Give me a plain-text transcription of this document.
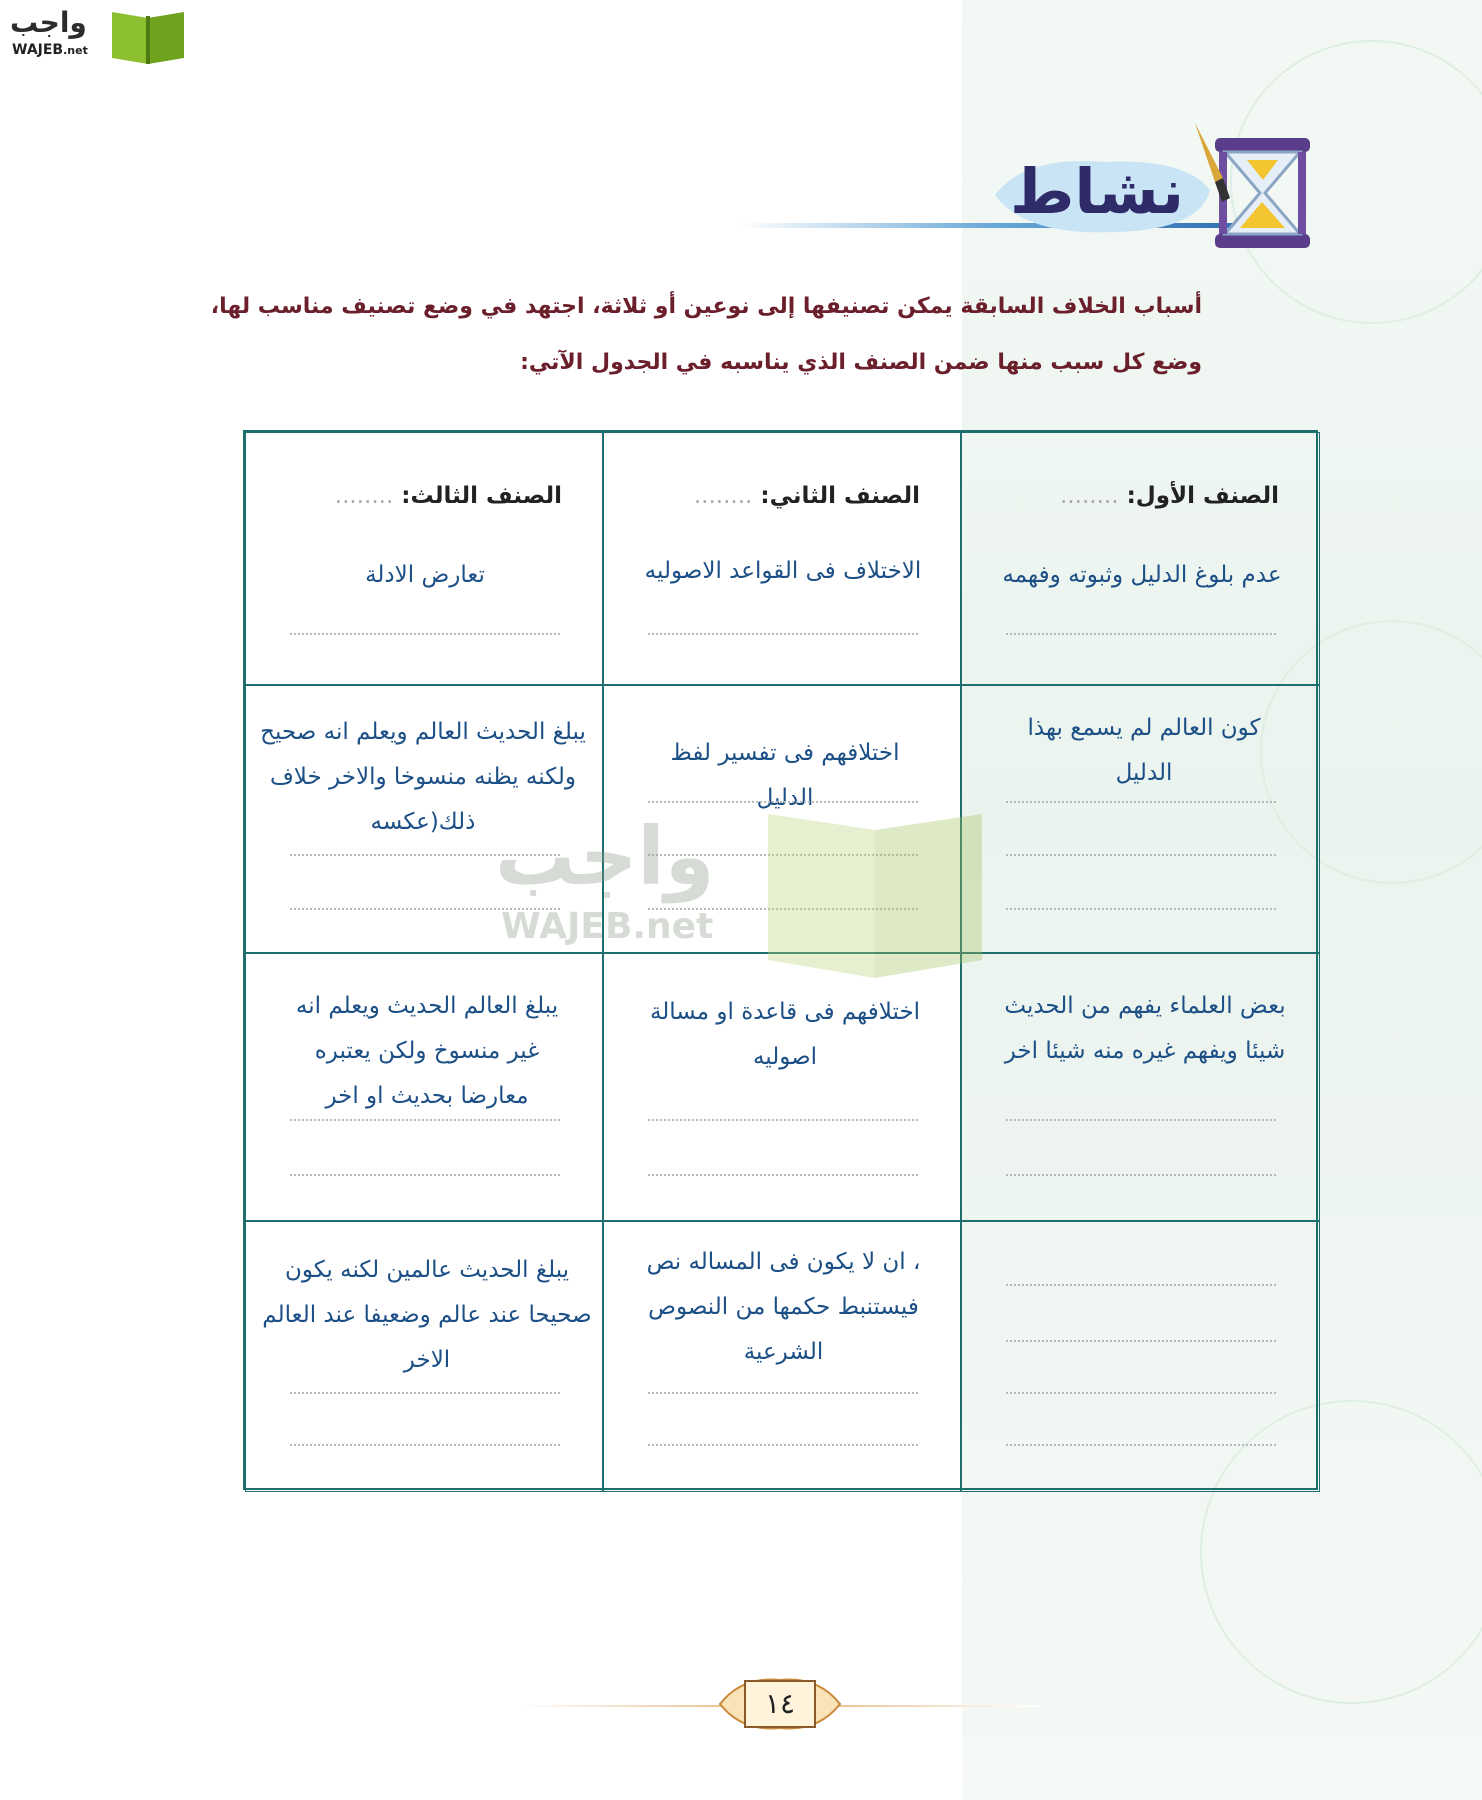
واجب
WAJEB.net
نشاط
أسباب الخلاف السابقة يمكن تصنيفها إلى نوعين أو ثلاثة، اجتهد في وضع تصنيف مناسب لها،
وضع كل سبب منها ضمن الصنف الذي يناسبه في الجدول الآتي:
الصنف الأول: ........
عدم بلوغ الدليل وثبوته وفهمه
الصنف الثاني: ........
الاختلاف فى القواعد الاصوليه
الصنف الثالث: ........
تعارض الادلة
كون العالم لم يسمع بهذا الدليل
اختلافهم فى تفسير لفظ الدليل
يبلغ الحديث العالم ويعلم انه صحيح ولكنه يظنه منسوخا والاخر خلاف ذلك(عكسه
بعض العلماء يفهم من الحديث شيئا ويفهم غيره منه شيئا اخر
اختلافهم فى قاعدة او مسالة اصوليه
يبلغ العالم الحديث ويعلم انه غير منسوخ ولكن يعتبره معارضا بحديث او اخر
، ان لا يكون فى المساله نص فيستنبط حكمها من النصوص الشرعية
يبلغ الحديث عالمين لكنه يكون صحيحا عند عالم وضعيفا عند العالم الاخر
واجب
WAJEB.net
١٤
